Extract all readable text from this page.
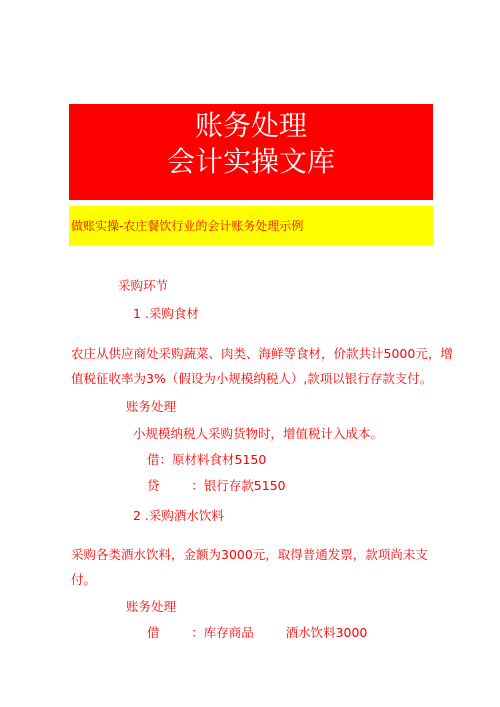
账务处理
会计实操文库
做账实操-农庄餐饮行业的会计账务处理示例
采购环节
1 .采购食材
农庄从供应商处采购蔬菜、肉类、海鲜等食材，价款共计5000元，增
值税征收率为3%（假设为小规模纳税人）,款项以银行存款支付。
账务处理
小规模纳税人采购货物时，增值税计入成本。
借：原材料食材5150
贷        ：银行存款5150
2 .采购酒水饮料
采购各类酒水饮料，金额为3000元，取得普通发票，款项尚未支
付。
账务处理
借        ：库存商品        酒水饮料3000
